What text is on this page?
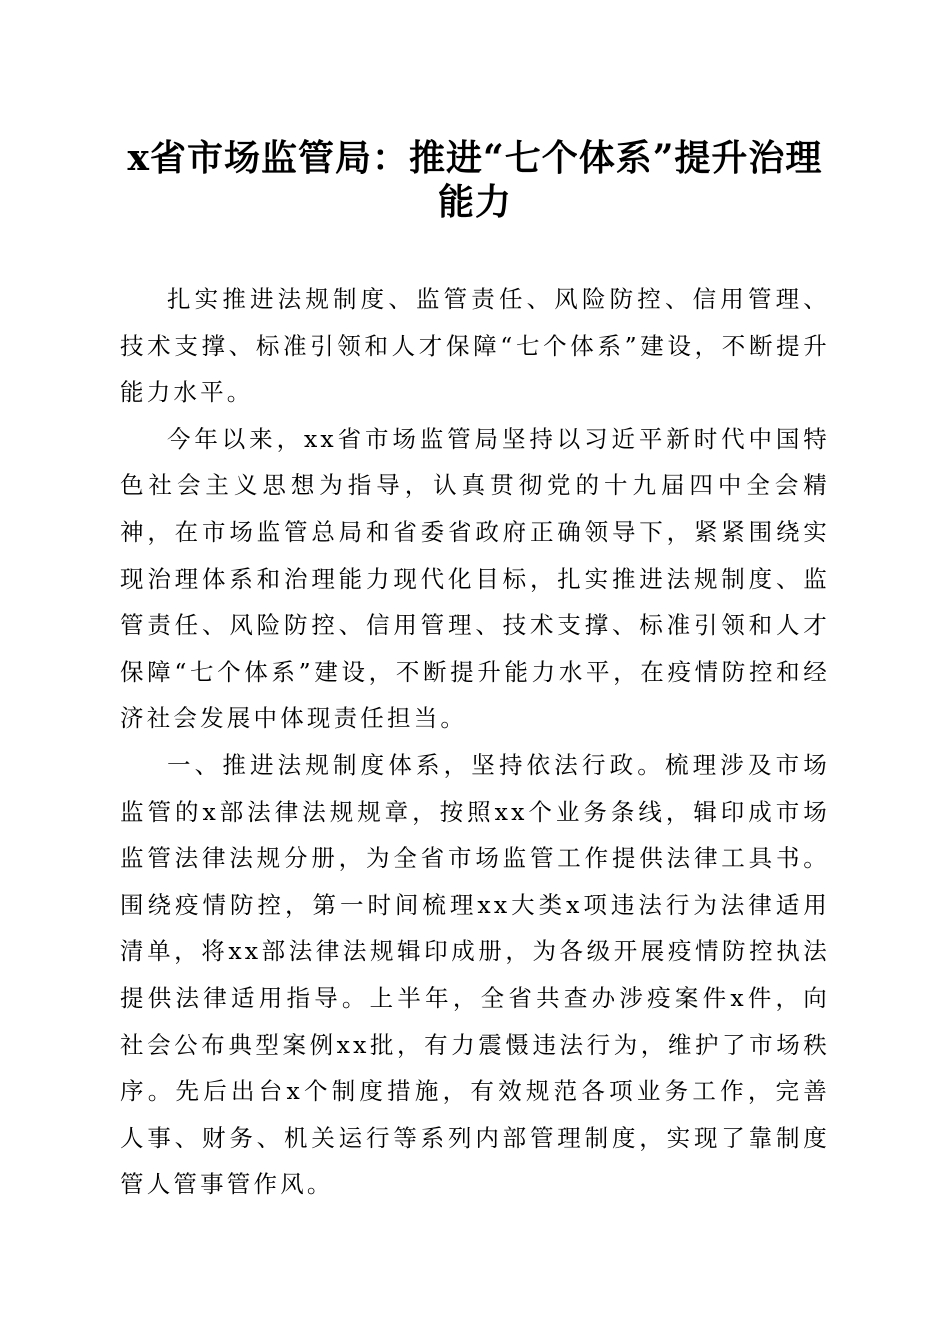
x省市场监管局：推进“七个体系”提升治理能力

扎实推进法规制度、监管责任、风险防控、信用管理、技术支撑、标准引领和人才保障“七个体系”建设，不断提升能力水平。

今年以来，xx省市场监管局坚持以习近平新时代中国特色社会主义思想为指导，认真贯彻党的十九届四中全会精神，在市场监管总局和省委省政府正确领导下，紧紧围绕实现治理体系和治理能力现代化目标，扎实推进法规制度、监管责任、风险防控、信用管理、技术支撑、标准引领和人才保障“七个体系”建设，不断提升能力水平，在疫情防控和经济社会发展中体现责任担当。

一、推进法规制度体系，坚持依法行政。梳理涉及市场监管的x部法律法规规章，按照xx个业务条线，辑印成市场监管法律法规分册，为全省市场监管工作提供法律工具书。围绕疫情防控，第一时间梳理xx大类x项违法行为法律适用清单，将xx部法律法规辑印成册，为各级开展疫情防控执法提供法律适用指导。上半年，全省共查办涉疫案件x件，向社会公布典型案例xx批，有力震慑违法行为，维护了市场秩序。先后出台x个制度措施，有效规范各项业务工作，完善人事、财务、机关运行等系列内部管理制度，实现了靠制度管人管事管作风。
